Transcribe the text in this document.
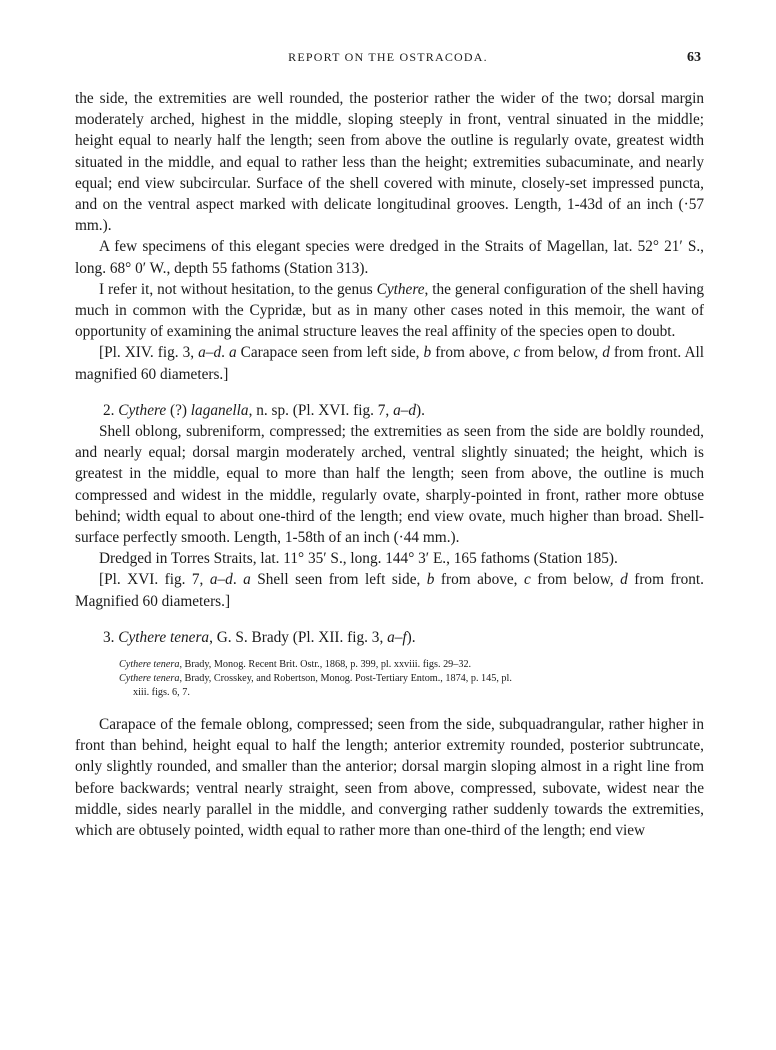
REPORT ON THE OSTRACODA.	63

the side, the extremities are well rounded, the posterior rather the wider of the two; dorsal margin moderately arched, highest in the middle, sloping steeply in front, ventral sinuated in the middle; height equal to nearly half the length; seen from above the outline is regularly ovate, greatest width situated in the middle, and equal to rather less than the height; extremities subacuminate, and nearly equal; end view subcircular. Surface of the shell covered with minute, closely-set impressed puncta, and on the ventral aspect marked with delicate longitudinal grooves. Length, 1-43d of an inch (·57 mm.).

A few specimens of this elegant species were dredged in the Straits of Magellan, lat. 52° 21′ S., long. 68° 0′ W., depth 55 fathoms (Station 313).

I refer it, not without hesitation, to the genus Cythere, the general configuration of the shell having much in common with the Cypridæ, but as in many other cases noted in this memoir, the want of opportunity of examining the animal structure leaves the real affinity of the species open to doubt.

[Pl. XIV. fig. 3, a–d. a Carapace seen from left side, b from above, c from below, d from front. All magnified 60 diameters.]

2. Cythere (?) laganella, n. sp. (Pl. XVI. fig. 7, a–d).

Shell oblong, subreniform, compressed; the extremities as seen from the side are boldly rounded, and nearly equal; dorsal margin moderately arched, ventral slightly sinuated; the height, which is greatest in the middle, equal to more than half the length; seen from above, the outline is much compressed and widest in the middle, regularly ovate, sharply-pointed in front, rather more obtuse behind; width equal to about one-third of the length; end view ovate, much higher than broad. Shell-surface perfectly smooth. Length, 1-58th of an inch (·44 mm.).

Dredged in Torres Straits, lat. 11° 35′ S., long. 144° 3′ E., 165 fathoms (Station 185).

[Pl. XVI. fig. 7, a–d. a Shell seen from left side, b from above, c from below, d from front. Magnified 60 diameters.]

3. Cythere tenera, G. S. Brady (Pl. XII. fig. 3, a–f).

Cythere tenera, Brady, Monog. Recent Brit. Ostr., 1868, p. 399, pl. xxviii. figs. 29–32.

Cythere tenera, Brady, Crosskey, and Robertson, Monog. Post-Tertiary Entom., 1874, p. 145, pl.
xiii. figs. 6, 7.

Carapace of the female oblong, compressed; seen from the side, subquadrangular, rather higher in front than behind, height equal to half the length; anterior extremity rounded, posterior subtruncate, only slightly rounded, and smaller than the anterior; dorsal margin sloping almost in a right line from before backwards; ventral nearly straight, seen from above, compressed, subovate, widest near the middle, sides nearly parallel in the middle, and converging rather suddenly towards the extremities, which are obtusely pointed, width equal to rather more than one-third of the length; end view
